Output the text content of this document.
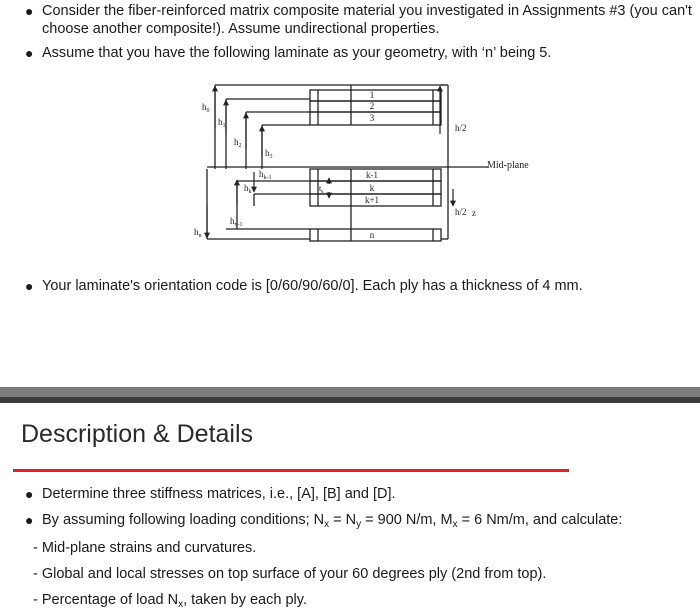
● Consider the fiber-reinforced matrix composite material you investigated in Assignments #3 (you can't choose another composite!). Assume undirectional properties.
● Assume that you have the following laminate as your geometry, with ‘n’ being 5.
1
2
3
k-1
k
k+1
n
$h_0$
$h_1$
$h_2$
$h_3$
$h_{k-1}$
$h_k$
$h_{n-1}$
$h_n$
$t_k$
h/2
Mid-plane
h/2 z
● Your laminate's orientation code is [0/60/90/60/0]. Each ply has a thickness of 4 mm.
Description & Details
● Determine three stiffness matrices, i.e., [A], [B] and [D].
● By assuming following loading conditions; $N_x = N_y = 900$ N/m, $M_x = 6$ Nm/m, and calculate:
- Mid-plane strains and curvatures.
- Global and local stresses on top surface of your 60 degrees ply (2nd from top).
- Percentage of load $N_x$, taken by each ply.
